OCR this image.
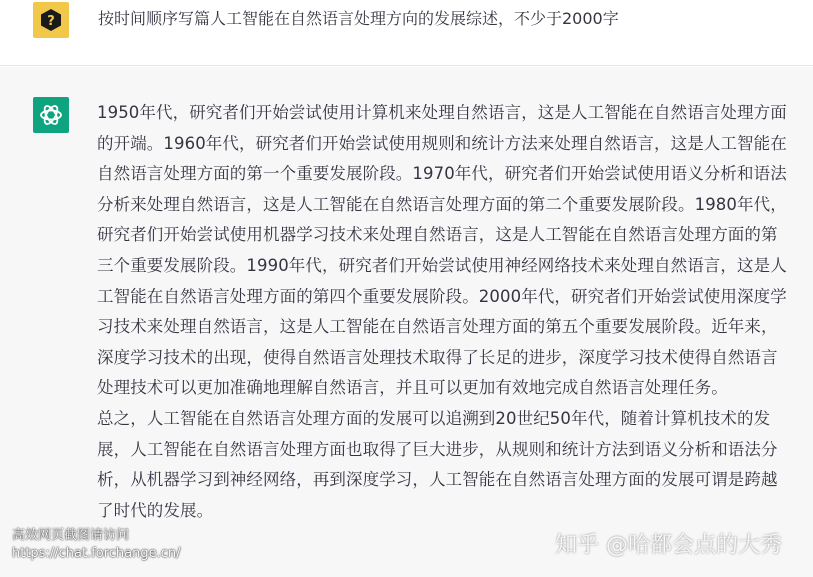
?	按时间顺序写篇人工智能在自然语言处理方向的发展综述，不少于2000字

1950年代，研究者们开始尝试使用计算机来处理自然语言，这是人工智能在自然语言处理方面的开端。1960年代，研究者们开始尝试使用规则和统计方法来处理自然语言，这是人工智能在自然语言处理方面的第一个重要发展阶段。1970年代，研究者们开始尝试使用语义分析和语法分析来处理自然语言，这是人工智能在自然语言处理方面的第二个重要发展阶段。1980年代，研究者们开始尝试使用机器学习技术来处理自然语言，这是人工智能在自然语言处理方面的第三个重要发展阶段。1990年代，研究者们开始尝试使用神经网络技术来处理自然语言，这是人工智能在自然语言处理方面的第四个重要发展阶段。2000年代，研究者们开始尝试使用深度学习技术来处理自然语言，这是人工智能在自然语言处理方面的第五个重要发展阶段。近年来，深度学习技术的出现，使得自然语言处理技术取得了长足的进步，深度学习技术使得自然语言处理技术可以更加准确地理解自然语言，并且可以更加有效地完成自然语言处理任务。

总之，人工智能在自然语言处理方面的发展可以追溯到20世纪50年代，随着计算机技术的发展，人工智能在自然语言处理方面也取得了巨大进步，从规则和统计方法到语义分析和语法分析，从机器学习到神经网络，再到深度学习，人工智能在自然语言处理方面的发展可谓是跨越了时代的发展。

高效网页截图请访问
https://chat.forchange.cn/	知乎 @哈都会点的大秀
